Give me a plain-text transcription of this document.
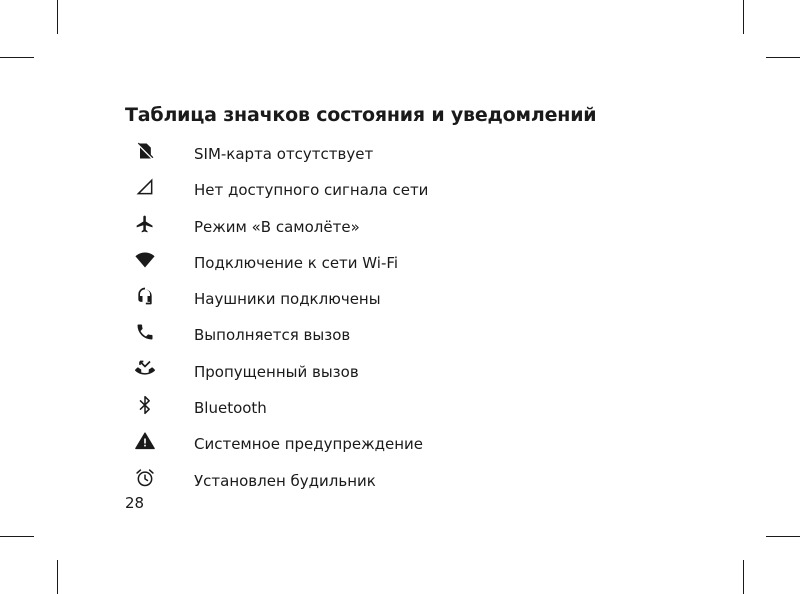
Таблица значков состояния и уведомлений
SIM-карта отсутствует
Нет доступного сигнала сети
Режим «В самолёте»
Подключение к сети Wi-Fi
Наушники подключены
Выполняется вызов
Пропущенный вызов
Bluetooth
Системное предупреждение
Установлен будильник
28
